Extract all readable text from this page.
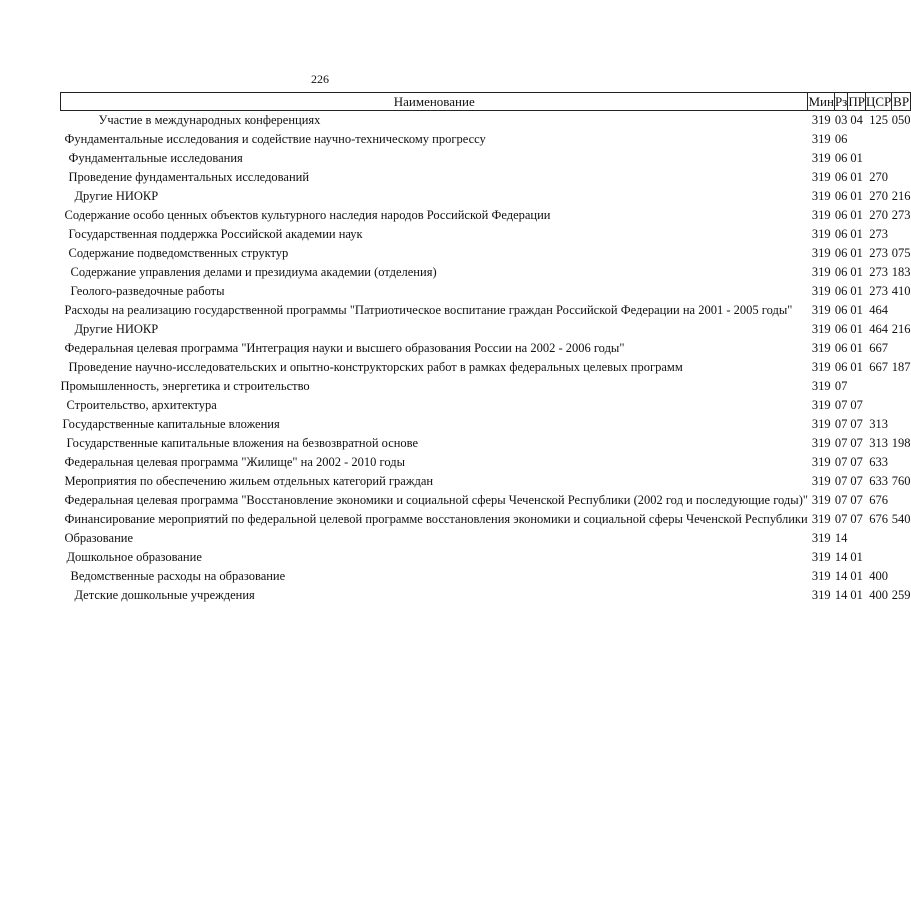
226
Наименование	Мин	Рз	ПР	ЦСР	ВР
Участие в международных конференциях	319	03	04	125	050
Фундаментальные исследования и содействие научно-техническому прогрессу	319	06			
Фундаментальные исследования	319	06	01		
Проведение фундаментальных исследований	319	06	01	270	
Другие НИОКР	319	06	01	270	216
Содержание особо ценных объектов культурного наследия народов Российской Федерации	319	06	01	270	273
Государственная поддержка Российской академии наук	319	06	01	273	
Содержание подведомственных структур	319	06	01	273	075
Содержание управления делами и президиума академии (отделения)	319	06	01	273	183
Геолого-разведочные работы	319	06	01	273	410
Расходы на реализацию государственной программы "Патриотическое воспитание граждан Российской Федерации на 2001 - 2005 годы"	319	06	01	464	
Другие НИОКР	319	06	01	464	216
Федеральная целевая программа "Интеграция науки и высшего образования России на 2002 - 2006 годы"	319	06	01	667	
Проведение научно-исследовательских и опытно-конструкторских работ в рамках федеральных целевых программ	319	06	01	667	187
Промышленность, энергетика и строительство	319	07			
Строительство, архитектура	319	07	07		
Государственные капитальные вложения	319	07	07	313	
Государственные капитальные вложения на безвозвратной основе	319	07	07	313	198
Федеральная целевая программа "Жилище" на 2002 - 2010 годы	319	07	07	633	
Мероприятия по обеспечению жильем отдельных категорий граждан	319	07	07	633	760
Федеральная целевая программа "Восстановление экономики и социальной сферы Чеченской Республики (2002 год и последующие годы)"	319	07	07	676	
Финансирование мероприятий по федеральной целевой программе восстановления экономики и социальной сферы Чеченской Республики	319	07	07	676	540
Образование	319	14			
Дошкольное образование	319	14	01		
Ведомственные расходы на образование	319	14	01	400	
Детские дошкольные учреждения	319	14	01	400	259
